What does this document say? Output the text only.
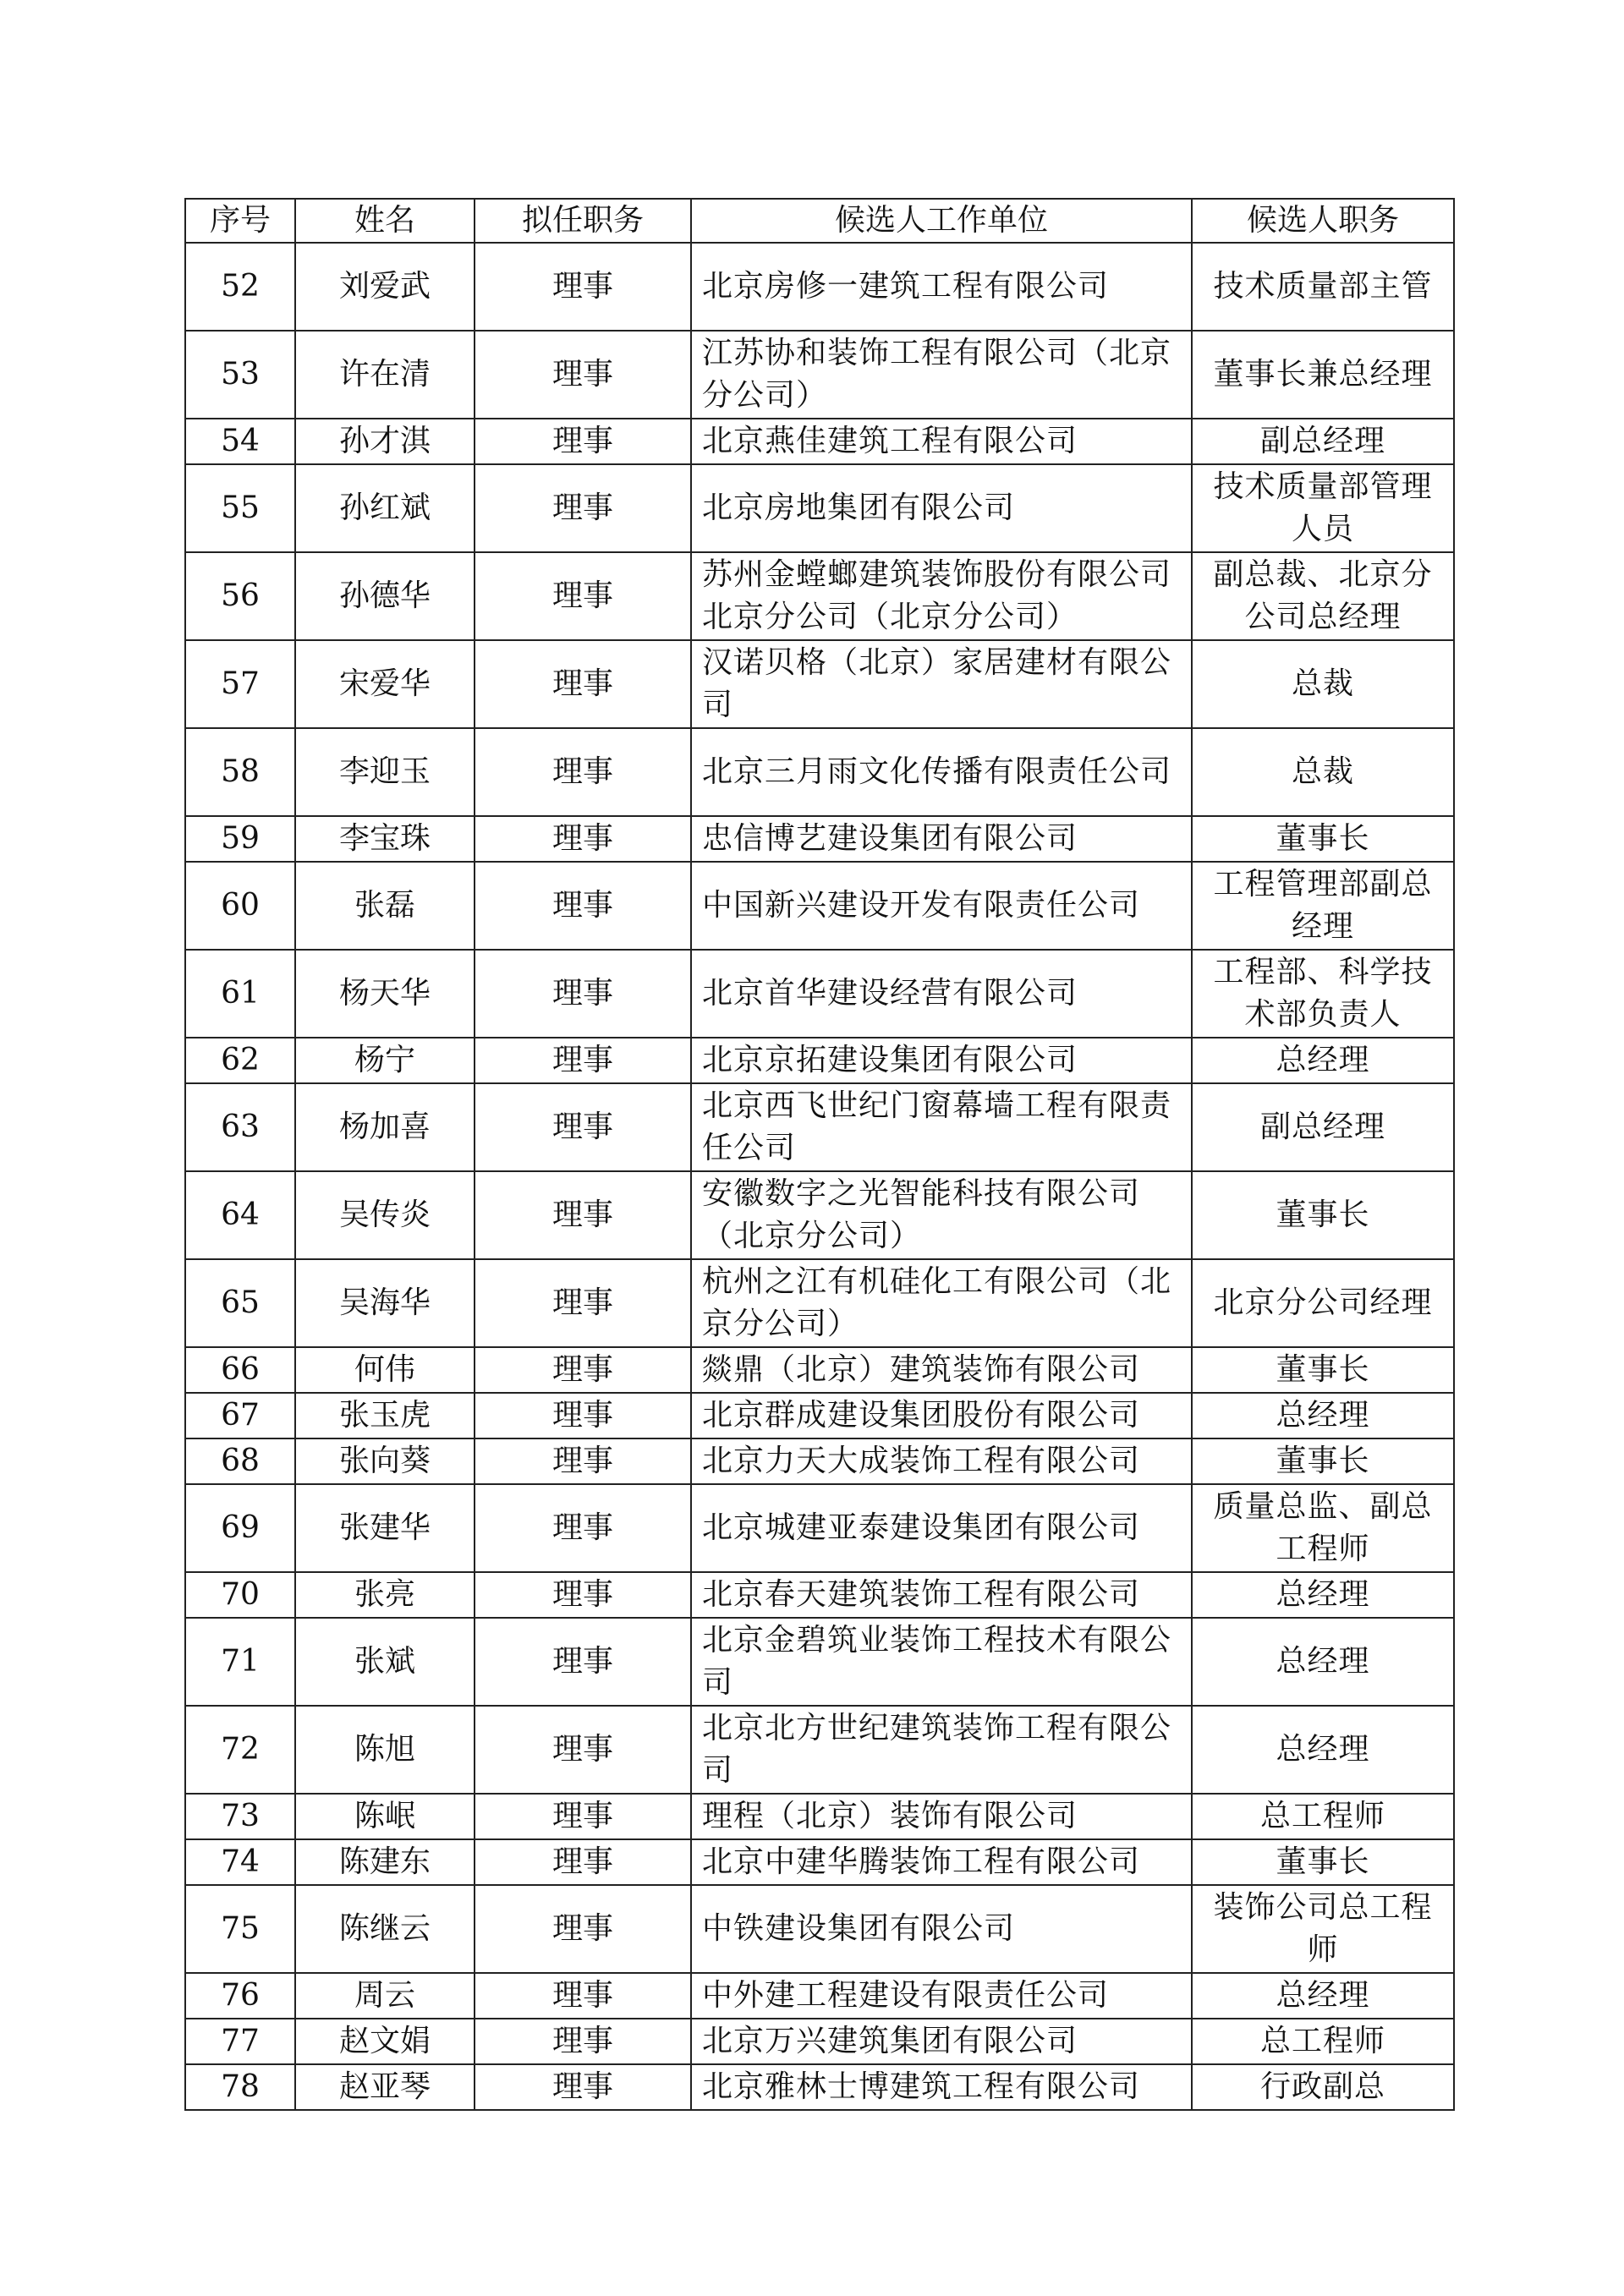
序号	姓名	拟任职务	候选人工作单位	候选人职务
52	刘爱武	理事	北京房修一建筑工程有限公司	技术质量部主管
53	许在清	理事	江苏协和装饰工程有限公司（北京分公司）	董事长兼总经理
54	孙才淇	理事	北京燕佳建筑工程有限公司	副总经理
55	孙红斌	理事	北京房地集团有限公司	技术质量部管理人员
56	孙德华	理事	苏州金螳螂建筑装饰股份有限公司北京分公司（北京分公司）	副总裁、北京分公司总经理
57	宋爱华	理事	汉诺贝格（北京）家居建材有限公司	总裁
58	李迎玉	理事	北京三月雨文化传播有限责任公司	总裁
59	李宝珠	理事	忠信博艺建设集团有限公司	董事长
60	张磊	理事	中国新兴建设开发有限责任公司	工程管理部副总经理
61	杨天华	理事	北京首华建设经营有限公司	工程部、科学技术部负责人
62	杨宁	理事	北京京拓建设集团有限公司	总经理
63	杨加喜	理事	北京西飞世纪门窗幕墙工程有限责任公司	副总经理
64	吴传炎	理事	安徽数字之光智能科技有限公司（北京分公司）	董事长
65	吴海华	理事	杭州之江有机硅化工有限公司（北京分公司）	北京分公司经理
66	何伟	理事	燚鼎（北京）建筑装饰有限公司	董事长
67	张玉虎	理事	北京群成建设集团股份有限公司	总经理
68	张向葵	理事	北京力天大成装饰工程有限公司	董事长
69	张建华	理事	北京城建亚泰建设集团有限公司	质量总监、副总工程师
70	张亮	理事	北京春天建筑装饰工程有限公司	总经理
71	张斌	理事	北京金碧筑业装饰工程技术有限公司	总经理
72	陈旭	理事	北京北方世纪建筑装饰工程有限公司	总经理
73	陈岷	理事	理程（北京）装饰有限公司	总工程师
74	陈建东	理事	北京中建华腾装饰工程有限公司	董事长
75	陈继云	理事	中铁建设集团有限公司	装饰公司总工程师
76	周云	理事	中外建工程建设有限责任公司	总经理
77	赵文娟	理事	北京万兴建筑集团有限公司	总工程师
78	赵亚琴	理事	北京雅林士博建筑工程有限公司	行政副总
